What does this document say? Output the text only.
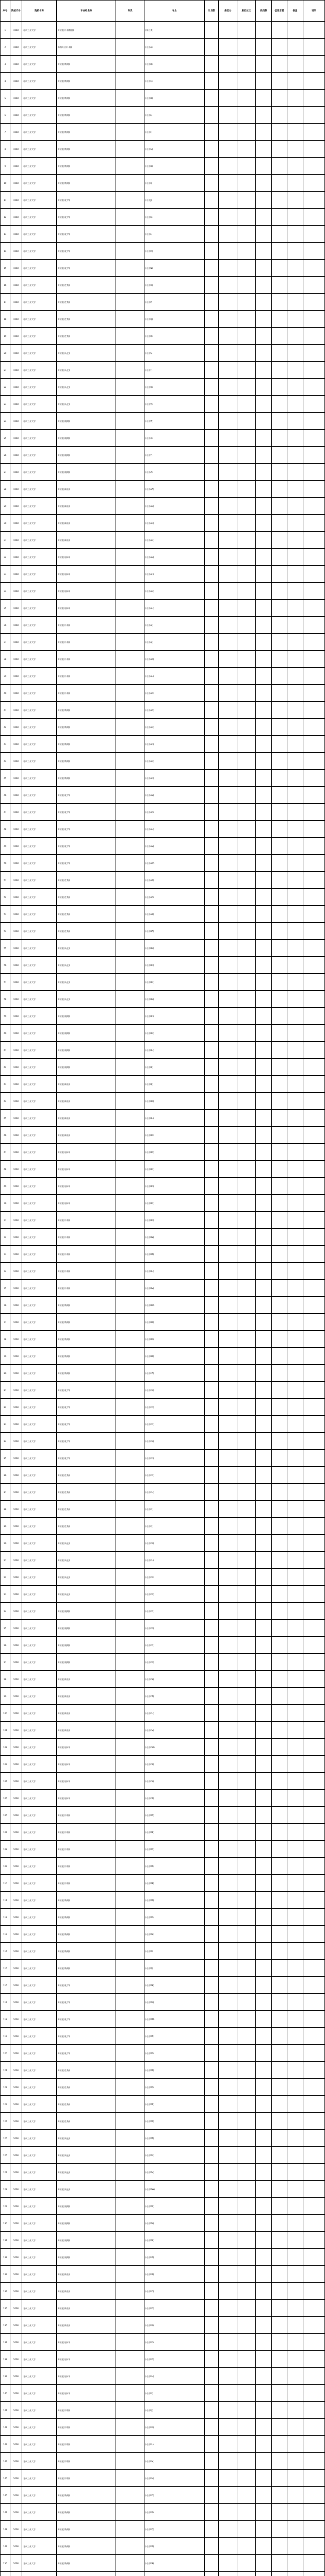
序号	院校代号	院校名称	专业组名称	科类	专业	计划数	最低分	最低位次	投档数	征集志愿	备注	说明
1	1008	北京工业大学	专业组(不限科目)		(综合类)							
2	1008	北京工业大学	本科专业(不限)		(专业A)							
3	1008	北京工业大学	专业组(物理)		(专业B)							
4	1008	北京工业大学	专业组(物理)		(专业C)							
5	1008	北京工业大学	专业组(物理)		(专业D)							
6	1008	北京工业大学	专业组(物理)		(专业E)							
7	1008	北京工业大学	专业组(物理)		(专业F)							
8	1008	北京工业大学	专业组(物理)		(专业G)							
9	1008	北京工业大学	专业组(物理)		(专业H)							
10	1008	北京工业大学	专业组(物理)		(专业I)							
11	1008	北京工业大学	专业组(化学)		(专业J)							
12	1008	北京工业大学	专业组(化学)		(专业K)							
13	1008	北京工业大学	专业组(化学)		(专业L)							
14	1008	北京工业大学	专业组(化学)		(专业M)							
15	1008	北京工业大学	专业组(化学)		(专业N)							
16	1008	北京工业大学	专业组(生物)		(专业O)							
17	1008	北京工业大学	专业组(生物)		(专业P)							
18	1008	北京工业大学	专业组(生物)		(专业Q)							
19	1008	北京工业大学	专业组(生物)		(专业R)							
20	1008	北京工业大学	专业组(历史)		(专业S)							
21	1008	北京工业大学	专业组(历史)		(专业T)							
22	1008	北京工业大学	专业组(历史)		(专业U)							
23	1008	北京工业大学	专业组(历史)		(专业V)							
24	1008	北京工业大学	专业组(地理)		(专业W)							
25	1008	北京工业大学	专业组(地理)		(专业X)							
26	1008	北京工业大学	专业组(地理)		(专业Y)							
27	1008	北京工业大学	专业组(地理)		(专业Z)							
28	1008	北京工业大学	专业组(政治)		(专业AA)							
29	1008	北京工业大学	专业组(政治)		(专业AB)							
30	1008	北京工业大学	专业组(政治)		(专业AC)							
31	1008	北京工业大学	专业组(政治)		(专业AD)							
32	1008	北京工业大学	专业组(技术)		(专业AE)							
33	1008	北京工业大学	专业组(技术)		(专业AF)							
34	1008	北京工业大学	专业组(技术)		(专业AG)							
35	1008	北京工业大学	专业组(技术)		(专业AH)							
36	1008	北京工业大学	专业组(不限)		(专业AI)							
37	1008	北京工业大学	专业组(不限)		(专业AJ)							
38	1008	北京工业大学	专业组(不限)		(专业AK)							
39	1008	北京工业大学	专业组(不限)		(专业AL)							
40	1008	北京工业大学	专业组(不限)		(专业AM)							
41	1008	北京工业大学	专业组(物理)		(专业AN)							
42	1008	北京工业大学	专业组(物理)		(专业AO)							
43	1008	北京工业大学	专业组(物理)		(专业AP)							
44	1008	北京工业大学	专业组(物理)		(专业AQ)							
45	1008	北京工业大学	专业组(物理)		(专业AR)							
46	1008	北京工业大学	专业组(化学)		(专业AS)							
47	1008	北京工业大学	专业组(化学)		(专业AT)							
48	1008	北京工业大学	专业组(化学)		(专业AU)							
49	1008	北京工业大学	专业组(化学)		(专业AV)							
50	1008	北京工业大学	专业组(化学)		(专业AW)							
51	1008	北京工业大学	专业组(生物)		(专业AX)							
52	1008	北京工业大学	专业组(生物)		(专业AY)							
53	1008	北京工业大学	专业组(生物)		(专业AZ)							
54	1008	北京工业大学	专业组(生物)		(专业BA)							
55	1008	北京工业大学	专业组(历史)		(专业BB)							
56	1008	北京工业大学	专业组(历史)		(专业BC)							
57	1008	北京工业大学	专业组(历史)		(专业BD)							
58	1008	北京工业大学	专业组(历史)		(专业BE)							
59	1008	北京工业大学	专业组(地理)		(专业BF)							
60	1008	北京工业大学	专业组(地理)		(专业BG)							
61	1008	北京工业大学	专业组(地理)		(专业BH)							
62	1008	北京工业大学	专业组(地理)		(专业BI)							
63	1008	北京工业大学	专业组(政治)		(专业BJ)							
64	1008	北京工业大学	专业组(政治)		(专业BK)							
65	1008	北京工业大学	专业组(政治)		(专业BL)							
66	1008	北京工业大学	专业组(政治)		(专业BM)							
67	1008	北京工业大学	专业组(技术)		(专业BN)							
68	1008	北京工业大学	专业组(技术)		(专业BO)							
69	1008	北京工业大学	专业组(技术)		(专业BP)							
70	1008	北京工业大学	专业组(技术)		(专业BQ)							
71	1008	北京工业大学	专业组(不限)		(专业BR)							
72	1008	北京工业大学	专业组(不限)		(专业BS)							
73	1008	北京工业大学	专业组(不限)		(专业BT)							
74	1008	北京工业大学	专业组(不限)		(专业BU)							
75	1008	北京工业大学	专业组(不限)		(专业BV)							
76	1008	北京工业大学	专业组(物理)		(专业BW)							
77	1008	北京工业大学	专业组(物理)		(专业BX)							
78	1008	北京工业大学	专业组(物理)		(专业BY)							
79	1008	北京工业大学	专业组(物理)		(专业BZ)							
80	1008	北京工业大学	专业组(物理)		(专业CA)							
81	1008	北京工业大学	专业组(化学)		(专业CB)							
82	1008	北京工业大学	专业组(化学)		(专业CC)							
83	1008	北京工业大学	专业组(化学)		(专业CD)							
84	1008	北京工业大学	专业组(化学)		(专业CE)							
85	1008	北京工业大学	专业组(化学)		(专业CF)							
86	1008	北京工业大学	专业组(生物)		(专业CG)							
87	1008	北京工业大学	专业组(生物)		(专业CH)							
88	1008	北京工业大学	专业组(生物)		(专业CI)							
89	1008	北京工业大学	专业组(生物)		(专业CJ)							
90	1008	北京工业大学	专业组(历史)		(专业CK)							
91	1008	北京工业大学	专业组(历史)		(专业CL)							
92	1008	北京工业大学	专业组(历史)		(专业CM)							
93	1008	北京工业大学	专业组(历史)		(专业CN)							
94	1008	北京工业大学	专业组(地理)		(专业CO)							
95	1008	北京工业大学	专业组(地理)		(专业CP)							
96	1008	北京工业大学	专业组(地理)		(专业CQ)							
97	1008	北京工业大学	专业组(地理)		(专业CR)							
98	1008	北京工业大学	专业组(政治)		(专业CS)							
99	1008	北京工业大学	专业组(政治)		(专业CT)							
100	1008	北京工业大学	专业组(政治)		(专业CU)							
101	1008	北京工业大学	专业组(政治)		(专业CV)							
102	1008	北京工业大学	专业组(技术)		(专业CW)							
103	1008	北京工业大学	专业组(技术)		(专业CX)							
104	1008	北京工业大学	专业组(技术)		(专业CY)							
105	1008	北京工业大学	专业组(技术)		(专业CZ)							
106	1008	北京工业大学	专业组(不限)		(专业DA)							
107	1008	北京工业大学	专业组(不限)		(专业DB)							
108	1008	北京工业大学	专业组(不限)		(专业DC)							
109	1008	北京工业大学	专业组(不限)		(专业DD)							
110	1008	北京工业大学	专业组(不限)		(专业DE)							
111	1008	北京工业大学	专业组(物理)		(专业DF)							
112	1008	北京工业大学	专业组(物理)		(专业DG)							
113	1008	北京工业大学	专业组(物理)		(专业DH)							
114	1008	北京工业大学	专业组(物理)		(专业DI)							
115	1008	北京工业大学	专业组(物理)		(专业DJ)							
116	1008	北京工业大学	专业组(化学)		(专业DK)							
117	1008	北京工业大学	专业组(化学)		(专业DL)							
118	1008	北京工业大学	专业组(化学)		(专业DM)							
119	1008	北京工业大学	专业组(化学)		(专业DN)							
120	1008	北京工业大学	专业组(化学)		(专业DO)							
121	1008	北京工业大学	专业组(生物)		(专业DP)							
122	1008	北京工业大学	专业组(生物)		(专业DQ)							
123	1008	北京工业大学	专业组(生物)		(专业DR)							
124	1008	北京工业大学	专业组(生物)		(专业DS)							
125	1008	北京工业大学	专业组(历史)		(专业DT)							
126	1008	北京工业大学	专业组(历史)		(专业DU)							
127	1008	北京工业大学	专业组(历史)		(专业DV)							
128	1008	北京工业大学	专业组(历史)		(专业DW)							
129	1008	北京工业大学	专业组(地理)		(专业DX)							
130	1008	北京工业大学	专业组(地理)		(专业DY)							
131	1008	北京工业大学	专业组(地理)		(专业DZ)							
132	1008	北京工业大学	专业组(地理)		(专业EA)							
133	1008	北京工业大学	专业组(政治)		(专业EB)							
134	1008	北京工业大学	专业组(政治)		(专业EC)							
135	1008	北京工业大学	专业组(政治)		(专业ED)							
136	1008	北京工业大学	专业组(政治)		(专业EE)							
137	1008	北京工业大学	专业组(技术)		(专业EF)							
138	1008	北京工业大学	专业组(技术)		(专业EG)							
139	1008	北京工业大学	专业组(技术)		(专业EH)							
140	1008	北京工业大学	专业组(技术)		(专业EI)							
141	1008	北京工业大学	专业组(不限)		(专业EJ)							
142	1008	北京工业大学	专业组(不限)		(专业EK)							
143	1008	北京工业大学	专业组(不限)		(专业EL)							
144	1008	北京工业大学	专业组(不限)		(专业EM)							
145	1008	北京工业大学	专业组(不限)		(专业EN)							
146	1008	北京工业大学	专业组(物理)		(专业EO)							
147	1008	北京工业大学	专业组(物理)		(专业EP)							
148	1008	北京工业大学	专业组(物理)		(专业EQ)							
149	1008	北京工业大学	专业组(物理)		(专业ER)							
150	1008	北京工业大学	专业组(物理)		(专业ES)							
